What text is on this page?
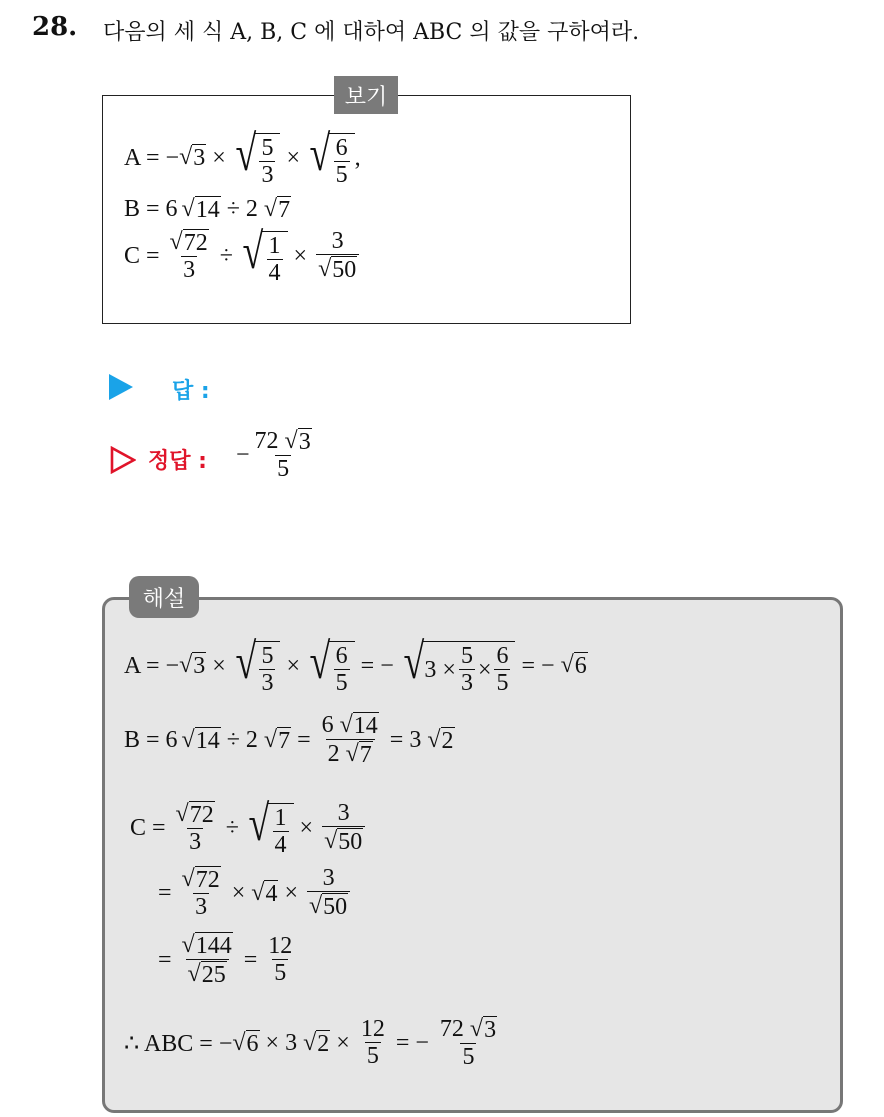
28. 다음의 세 식 A, B, C 에 대하여 ABC 의 값을 구하여라.
보기
A = − √ 3 × √ $\frac{5}{3}$ × √ $\frac{6}{5}$ ,
B = 6 √ 14 ÷ 2 √ 7
$C = \frac{√ 72}{3}$ ÷ √ $\frac{1}{4} \times \frac{3}{√ 50}$
답 :
정답 : − $\frac{72 √ 3}{5}$
해설
A = − √ 3 × √ $\frac{5}{3}$ × √ $\frac{6}{5}$ = − √ $3 \times \frac{5}{3} \times \frac{6}{5}$ = − √ 6
B = 6 √ 14 ÷ 2 √ $7 = \frac{6 √ 14}{2 √ 7} = 3$ √ 2
$C = \frac{√ 72}{3}$ ÷ √ $\frac{1}{4} \times \frac{3}{√ 50}$
= $\frac{√ 72}{3}$ × √ $4 \times \frac{3}{√ 50}$
= $\frac{√ 144}{√ 25} = \frac{12}{5}$
∴ ABC = − √ 6 × 3 √ $2 \times \frac{12}{5}$ = − $\frac{72 √ 3}{5}$
